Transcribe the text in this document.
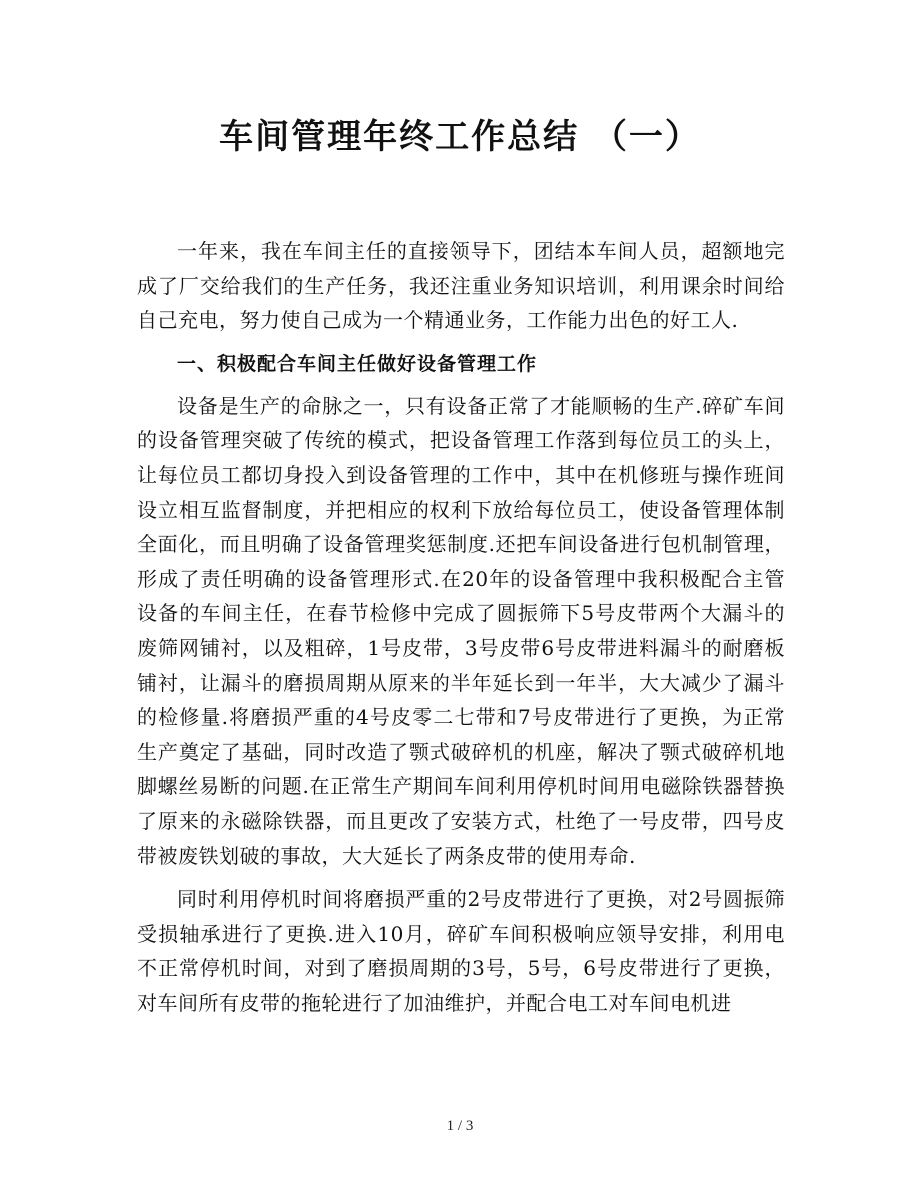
车间管理年终工作总结 （一）

一年来，我在车间主任的直接领导下，团结本车间人员，超额地完成了厂交给我们的生产任务，我还注重业务知识培训，利用课余时间给自己充电，努力使自己成为一个精通业务，工作能力出色的好工人.

一、积极配合车间主任做好设备管理工作

设备是生产的命脉之一，只有设备正常了才能顺畅的生产.碎矿车间的设备管理突破了传统的模式，把设备管理工作落到每位员工的头上，让每位员工都切身投入到设备管理的工作中，其中在机修班与操作班间设立相互监督制度，并把相应的权利下放给每位员工，使设备管理体制全面化，而且明确了设备管理奖惩制度.还把车间设备进行包机制管理，形成了责任明确的设备管理形式.在20年的设备管理中我积极配合主管设备的车间主任，在春节检修中完成了圆振筛下5号皮带两个大漏斗的废筛网铺衬，以及粗碎，1号皮带，3号皮带6号皮带进料漏斗的耐磨板铺衬，让漏斗的磨损周期从原来的半年延长到一年半，大大减少了漏斗的检修量.将磨损严重的4号皮零二七带和7号皮带进行了更换，为正常生产奠定了基础，同时改造了颚式破碎机的机座，解决了颚式破碎机地脚螺丝易断的问题.在正常生产期间车间利用停机时间用电磁除铁器替换了原来的永磁除铁器，而且更改了安装方式，杜绝了一号皮带，四号皮带被废铁划破的事故，大大延长了两条皮带的使用寿命.

同时利用停机时间将磨损严重的2号皮带进行了更换，对2号圆振筛受损轴承进行了更换.进入10月，碎矿车间积极响应领导安排，利用电不正常停机时间，对到了磨损周期的3号，5号，6号皮带进行了更换，对车间所有皮带的拖轮进行了加油维护，并配合电工对车间电机进

1 / 3
